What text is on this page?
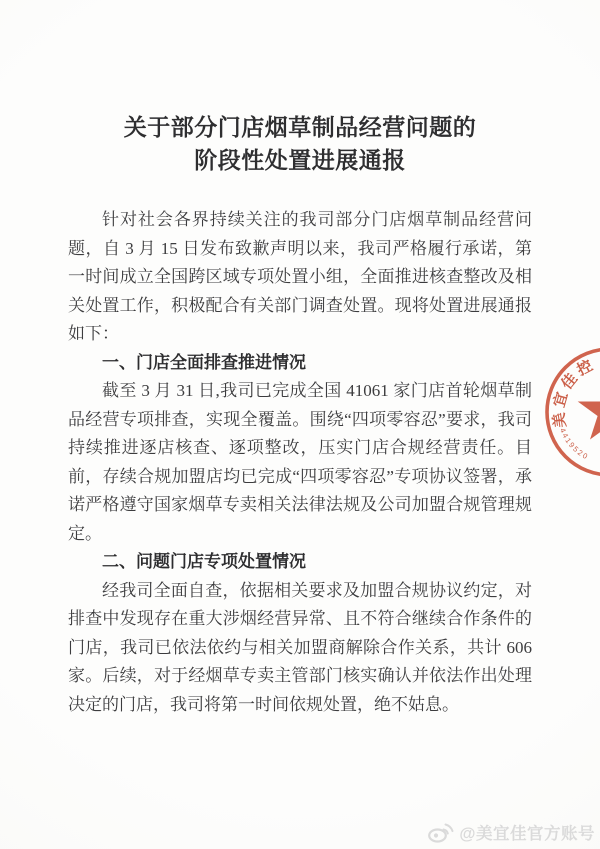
关于部分门店烟草制品经营问题的
阶段性处置进展通报

针对社会各界持续关注的我司部分门店烟草制品经营问题，自 3 月 15 日发布致歉声明以来，我司严格履行承诺，第一时间成立全国跨区域专项处置小组，全面推进核查整改及相关处置工作，积极配合有关部门调查处置。现将处置进展通报如下：

一、门店全面排查推进情况

截至 3 月 31 日,我司已完成全国 41061 家门店首轮烟草制品经营专项排查，实现全覆盖。围绕“四项零容忍”要求，我司持续推进逐店核查、逐项整改，压实门店合规经营责任。目前，存续合规加盟店均已完成“四项零容忍”专项协议签署，承诺严格遵守国家烟草专卖相关法律法规及公司加盟合规管理规定。

二、问题门店专项处置情况

经我司全面自查，依据相关要求及加盟合规协议约定，对排查中发现存在重大涉烟经营异常、且不符合继续合作条件的门店，我司已依法依约与相关加盟商解除合作关系，共计 606 家。后续，对于经烟草专卖主管部门核实确认并依法作出处理决定的门店，我司将第一时间依规处置，绝不姑息。

美宜佳控
4419520
@美宜佳官方账号
